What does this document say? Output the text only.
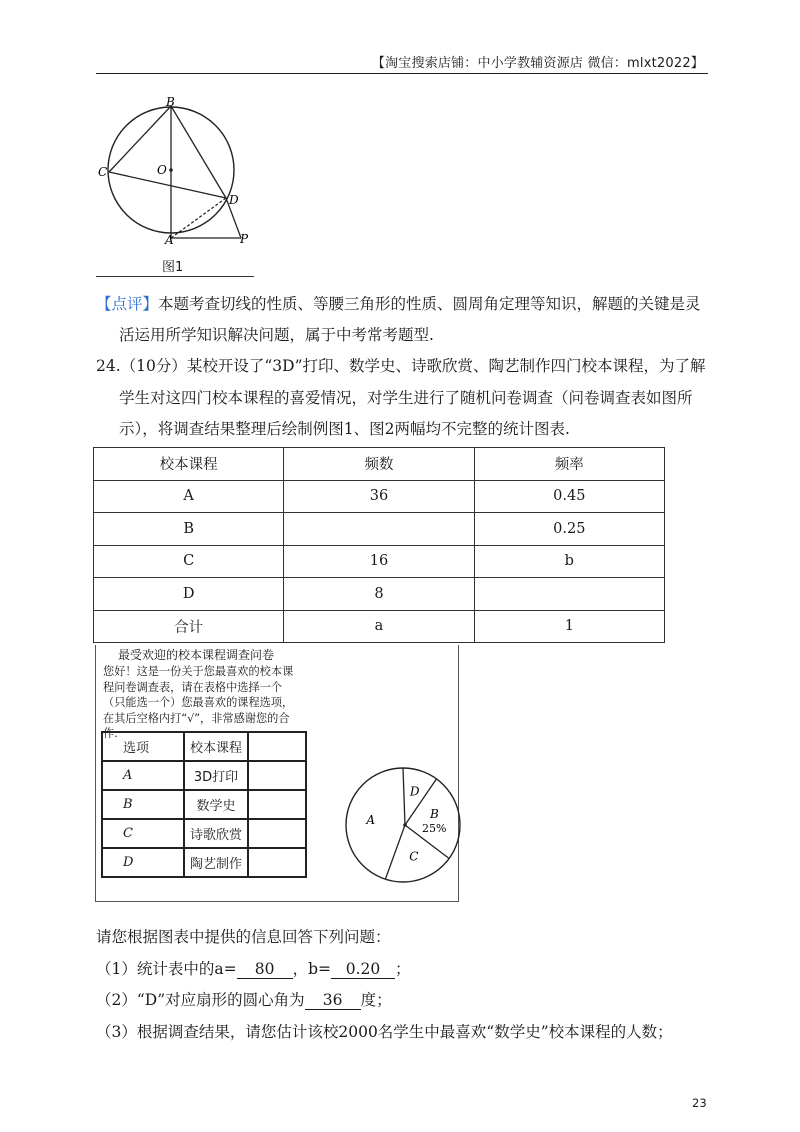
【淘宝搜索店铺：中小学教辅资源店 微信：mlxt2022】
B
C	O
D
A	P
图1
【点评】本题考查切线的性质、等腰三角形的性质、圆周角定理等知识，解题的关键是灵
活运用所学知识解决问题，属于中考常考题型.
24.（10分）某校开设了“3D”打印、数学史、诗歌欣赏、陶艺制作四门校本课程，为了解
学生对这四门校本课程的喜爱情况，对学生进行了随机问卷调查（问卷调查表如图所
示），将调查结果整理后绘制例图1、图2两幅均不完整的统计图表.
校本课程	频数	频率
A	36	0.45
B		0.25
C	16	b
D	8	
合计	a	1
最受欢迎的校本课程调查问卷
您好！这是一份关于您最喜欢的校本课
程问卷调查表，请在表格中选择一个
（只能选一个）您最喜欢的课程选项，
在其后空格内打“√”，非常感谢您的合
作.
选项	校本课程	
A	3D打印	
B	数学史	
C	诗歌欣赏	
D	陶艺制作	
D
B
25%
C
A
请您根据图表中提供的信息回答下列问题：
（1）统计表中的a= 80 ，b= 0.20 ；
（2）“D”对应扇形的圆心角为 36 度；
（3）根据调查结果，请您估计该校2000名学生中最喜欢“数学史”校本课程的人数；
23
